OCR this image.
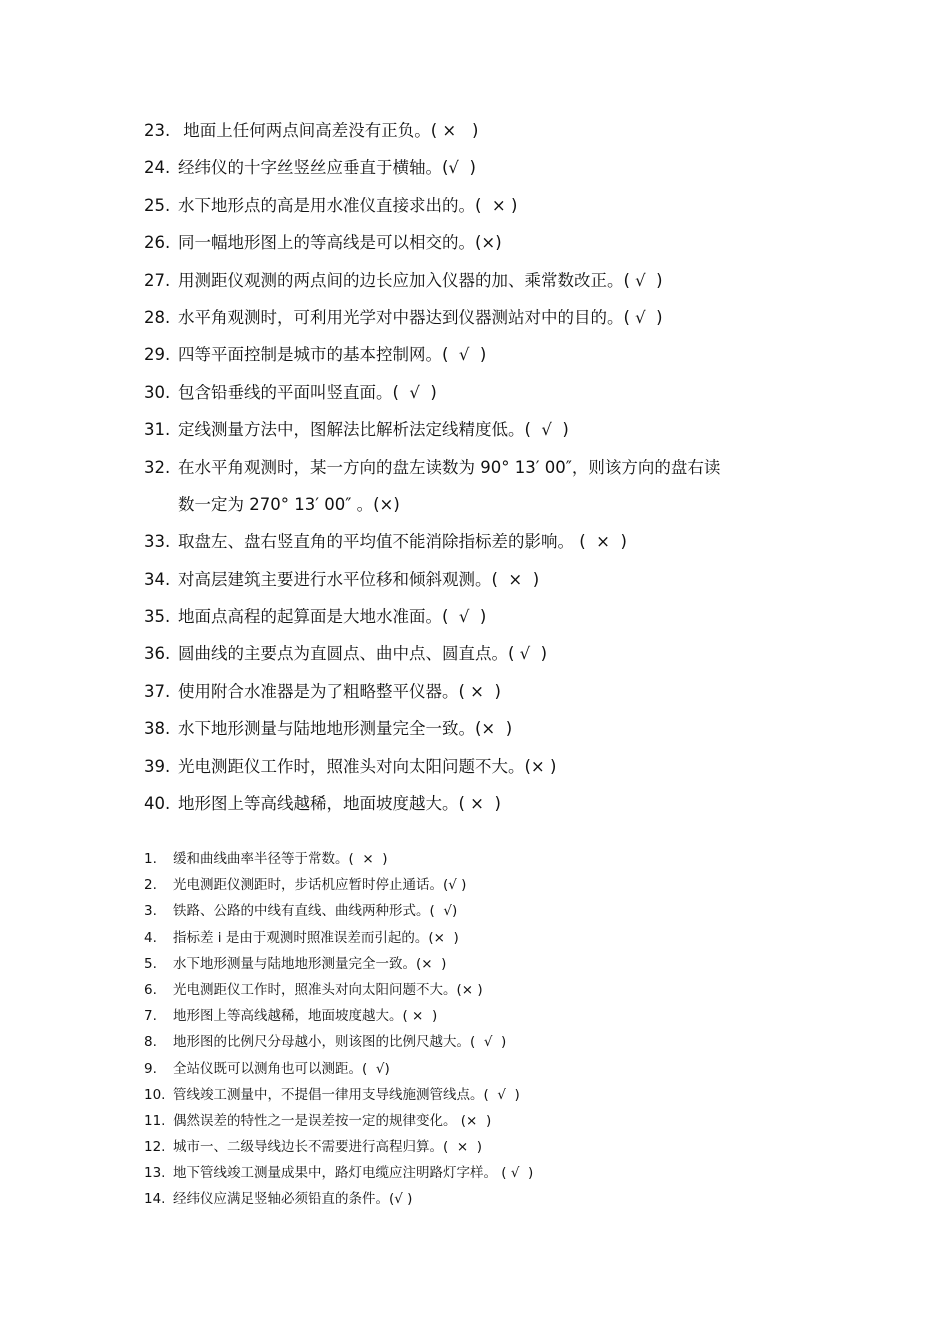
23. 地面上任何两点间高差没有正负。( ×   )
24. 经纬仪的十字丝竖丝应垂直于横轴。(√  )
25. 水下地形点的高是用水准仪直接求出的。(  × )
26. 同一幅地形图上的等高线是可以相交的。(×)
27. 用测距仪观测的两点间的边长应加入仪器的加、乘常数改正。( √  )
28. 水平角观测时，可利用光学对中器达到仪器测站对中的目的。( √  )
29. 四等平面控制是城市的基本控制网。(  √  )
30. 包含铅垂线的平面叫竖直面。(  √  )
31. 定线测量方法中，图解法比解析法定线精度低。(  √  )
32. 在水平角观测时，某一方向的盘左读数为 90° 13′ 00″，则该方向的盘右读
数一定为 270° 13′ 00″ 。(×)
33. 取盘左、盘右竖直角的平均值不能消除指标差的影响。 (  ×  )
34. 对高层建筑主要进行水平位移和倾斜观测。(  ×  )
35. 地面点高程的起算面是大地水准面。(  √  )
36. 圆曲线的主要点为直圆点、曲中点、圆直点。( √  )
37. 使用附合水准器是为了粗略整平仪器。( ×  )
38. 水下地形测量与陆地地形测量完全一致。(×  )
39. 光电测距仪工作时，照准头对向太阳问题不大。(× )
40. 地形图上等高线越稀，地面坡度越大。( ×  )
1.	缓和曲线曲率半径等于常数。(  ×  )
2.	光电测距仪测距时，步话机应暂时停止通话。(√ )
3.	铁路、公路的中线有直线、曲线两种形式。(  √)
4.	指标差 i 是由于观测时照准误差而引起的。(×  )
5.	水下地形测量与陆地地形测量完全一致。(×  )
6.	光电测距仪工作时，照准头对向太阳问题不大。(× )
7.	地形图上等高线越稀，地面坡度越大。( ×  )
8.	地形图的比例尺分母越小，则该图的比例尺越大。(  √  )
9.	全站仪既可以测角也可以测距。(  √)
10. 管线竣工测量中，不提倡一律用支导线施测管线点。(  √  )
11. 偶然误差的特性之一是误差按一定的规律变化。 (×  )
12. 城市一、二级导线边长不需要进行高程归算。(  ×  )
13. 地下管线竣工测量成果中，路灯电缆应注明路灯字样。 ( √  )
14. 经纬仪应满足竖轴必须铅直的条件。(√ )
